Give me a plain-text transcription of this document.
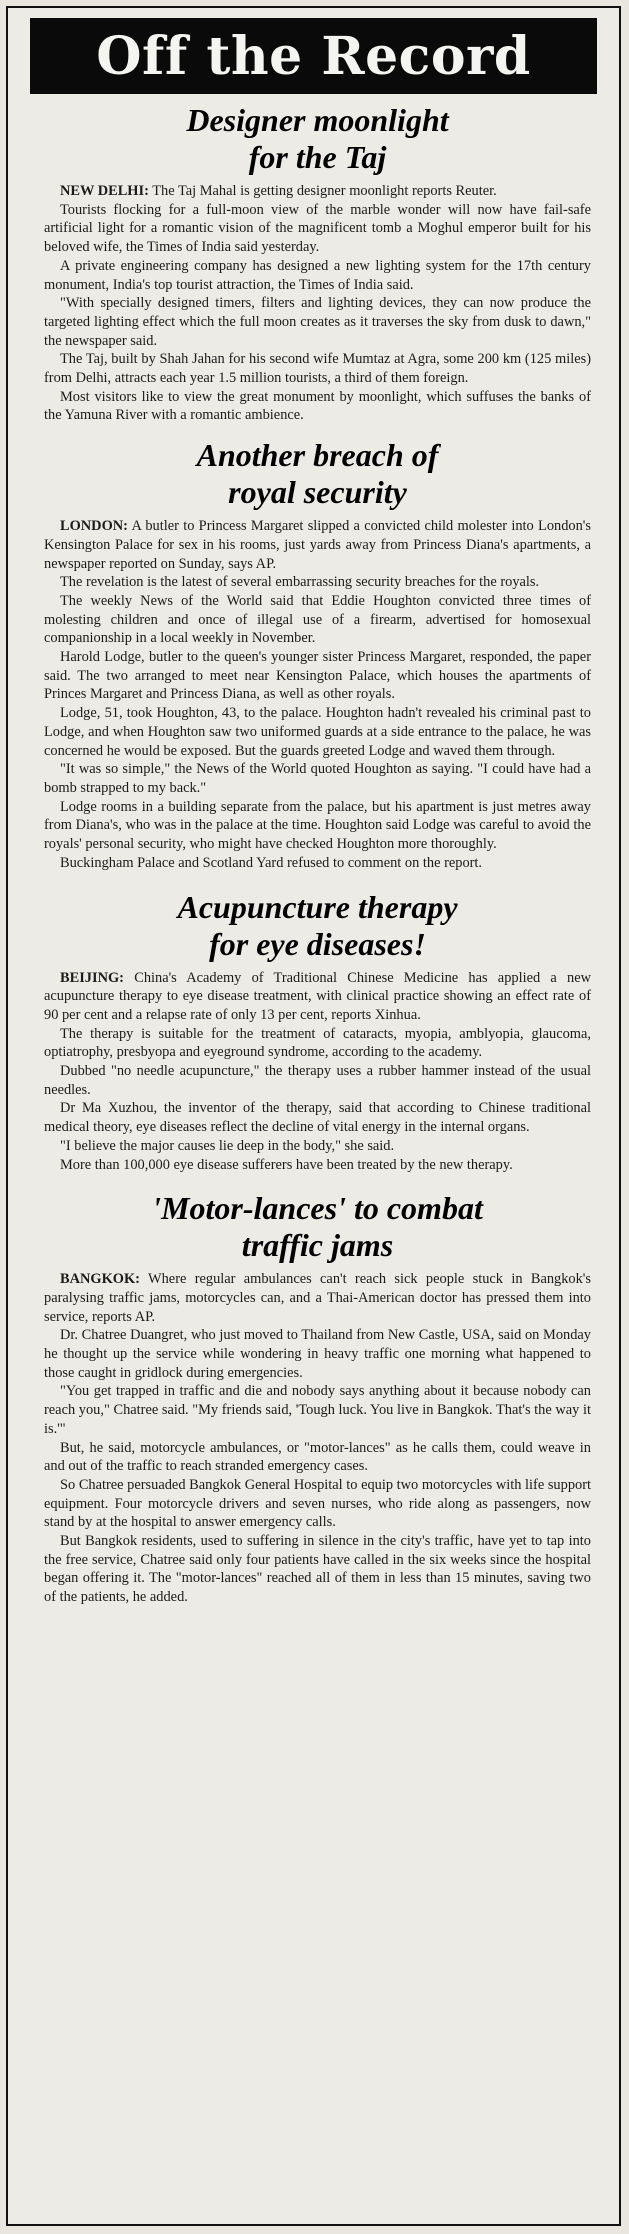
Off the Record
Designer moonlight
for the Taj

NEW DELHI: The Taj Mahal is getting designer moonlight reports Reuter.

Tourists flocking for a full-moon view of the marble wonder will now have fail-safe artificial light for a romantic vision of the magnificent tomb a Moghul emperor built for his beloved wife, the Times of India said yesterday.

A private engineering company has designed a new lighting system for the 17th century monument, India's top tourist attraction, the Times of India said.

"With specially designed timers, filters and lighting devices, they can now produce the targeted lighting effect which the full moon creates as it traverses the sky from dusk to dawn," the newspaper said.

The Taj, built by Shah Jahan for his second wife Mumtaz at Agra, some 200 km (125 miles) from Delhi, attracts each year 1.5 million tourists, a third of them foreign.

Most visitors like to view the great monument by moonlight, which suffuses the banks of the Yamuna River with a romantic ambience.

Another breach of
royal security

LONDON: A butler to Princess Margaret slipped a convicted child molester into London's Kensington Palace for sex in his rooms, just yards away from Princess Diana's apartments, a newspaper reported on Sunday, says AP.

The revelation is the latest of several embarrassing security breaches for the royals.

The weekly News of the World said that Eddie Houghton convicted three times of molesting children and once of illegal use of a firearm, advertised for homosexual companionship in a local weekly in November.

Harold Lodge, butler to the queen's younger sister Princess Margaret, responded, the paper said. The two arranged to meet near Kensington Palace, which houses the apartments of Princes Margaret and Princess Diana, as well as other royals.

Lodge, 51, took Houghton, 43, to the palace. Houghton hadn't revealed his criminal past to Lodge, and when Houghton saw two uniformed guards at a side entrance to the palace, he was concerned he would be exposed. But the guards greeted Lodge and waved them through.

"It was so simple," the News of the World quoted Houghton as saying. "I could have had a bomb strapped to my back."

Lodge rooms in a building separate from the palace, but his apartment is just metres away from Diana's, who was in the palace at the time. Houghton said Lodge was careful to avoid the royals' personal security, who might have checked Houghton more thoroughly.

Buckingham Palace and Scotland Yard refused to comment on the report.

Acupuncture therapy
for eye diseases!

BEIJING: China's Academy of Traditional Chinese Medicine has applied a new acupuncture therapy to eye disease treatment, with clinical practice showing an effect rate of 90 per cent and a relapse rate of only 13 per cent, reports Xinhua.

The therapy is suitable for the treatment of cataracts, myopia, amblyopia, glaucoma, optiatrophy, presbyopa and eyeground syndrome, according to the academy.

Dubbed "no needle acupuncture," the therapy uses a rubber hammer instead of the usual needles.

Dr Ma Xuzhou, the inventor of the therapy, said that according to Chinese traditional medical theory, eye diseases reflect the decline of vital energy in the internal organs.

"I believe the major causes lie deep in the body," she said.

More than 100,000 eye disease sufferers have been treated by the new therapy.

'Motor-lances' to combat
traffic jams

BANGKOK: Where regular ambulances can't reach sick people stuck in Bangkok's paralysing traffic jams, motorcycles can, and a Thai-American doctor has pressed them into service, reports AP.

Dr. Chatree Duangret, who just moved to Thailand from New Castle, USA, said on Monday he thought up the service while wondering in heavy traffic one morning what happened to those caught in gridlock during emergencies.

"You get trapped in traffic and die and nobody says anything about it because nobody can reach you," Chatree said. "My friends said, 'Tough luck. You live in Bangkok. That's the way it is.'"

But, he said, motorcycle ambulances, or "motor-lances" as he calls them, could weave in and out of the traffic to reach stranded emergency cases.

So Chatree persuaded Bangkok General Hospital to equip two motorcycles with life support equipment. Four motorcycle drivers and seven nurses, who ride along as passengers, now stand by at the hospital to answer emergency calls.

But Bangkok residents, used to suffering in silence in the city's traffic, have yet to tap into the free service, Chatree said only four patients have called in the six weeks since the hospital began offering it. The "motor-lances" reached all of them in less than 15 minutes, saving two of the patients, he added.
